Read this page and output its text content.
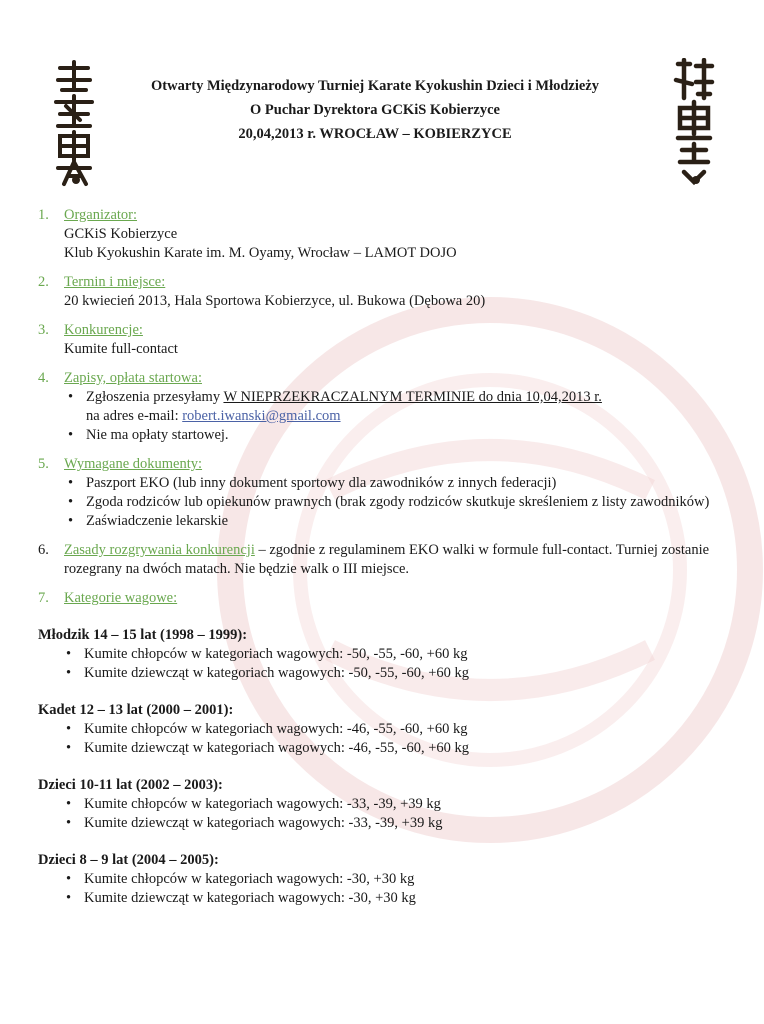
Otwarty Międzynarodowy Turniej Karate Kyokushin Dzieci i Młodzieży
O Puchar Dyrektora GCKiS Kobierzyce
20,04,2013 r. WROCŁAW – KOBIERZYCE
1.	Organizator:
GCKiS Kobierzyce
Klub Kyokushin Karate im. M. Oyamy, Wrocław – LAMOT DOJO
2.	Termin i miejsce:
20 kwiecień 2013, Hala Sportowa Kobierzyce, ul. Bukowa (Dębowa 20)
3.	Konkurencje:
Kumite full-contact
4.	Zapisy, opłata startowa:
• Zgłoszenia przesyłamy W NIEPRZEKRACZALNYM TERMINIE do dnia 10,04,2013 r.
na adres e-mail: robert.iwanski@gmail.com
• Nie ma opłaty startowej.
5.	Wymagane dokumenty:
• Paszport EKO (lub inny dokument sportowy dla zawodników z innych federacji)
• Zgoda rodziców lub opiekunów prawnych (brak zgody rodziców skutkuje skreśleniem z listy zawodników)
• Zaświadczenie lekarskie
6.	Zasady rozgrywania konkurencji – zgodnie z regulaminem EKO walki w formule full-contact. Turniej zostanie rozegrany na dwóch matach. Nie będzie walk o III miejsce.
7.	Kategorie wagowe:
Młodzik 14 – 15 lat (1998 – 1999):
• Kumite chłopców w kategoriach wagowych: -50, -55, -60, +60 kg
• Kumite dziewcząt w kategoriach wagowych: -50, -55, -60, +60 kg
Kadet 12 – 13 lat (2000 – 2001):
• Kumite chłopców w kategoriach wagowych: -46, -55, -60, +60 kg
• Kumite dziewcząt w kategoriach wagowych: -46, -55, -60, +60 kg
Dzieci 10-11 lat (2002 – 2003):
• Kumite chłopców w kategoriach wagowych: -33, -39, +39 kg
• Kumite dziewcząt w kategoriach wagowych: -33, -39, +39 kg
Dzieci 8 – 9 lat (2004 – 2005):
• Kumite chłopców w kategoriach wagowych: -30, +30 kg
• Kumite dziewcząt w kategoriach wagowych: -30, +30 kg
